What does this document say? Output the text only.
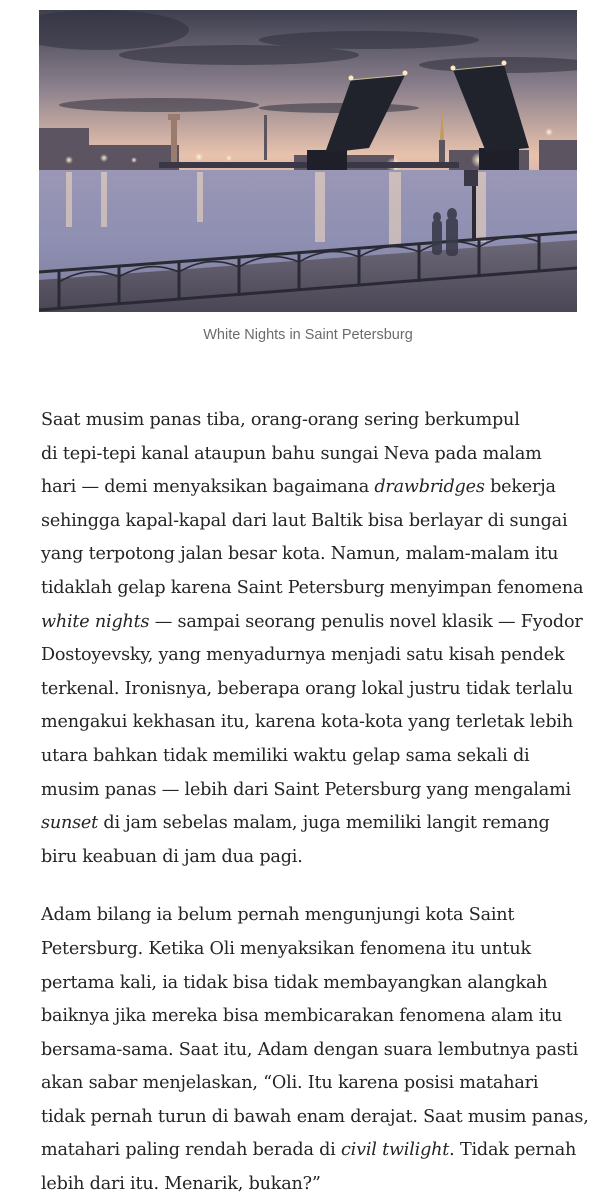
White Nights in Saint Petersburg

Saat musim panas tiba, orang-orang sering berkumpul
di tepi-tepi kanal ataupun bahu sungai Neva pada malam
hari — demi menyaksikan bagaimana drawbridges bekerja
sehingga kapal-kapal dari laut Baltik bisa berlayar di sungai
yang terpotong jalan besar kota. Namun, malam-malam itu
tidaklah gelap karena Saint Petersburg menyimpan fenomena
white nights — sampai seorang penulis novel klasik — Fyodor
Dostoyevsky, yang menyadurnya menjadi satu kisah pendek
terkenal. Ironisnya, beberapa orang lokal justru tidak terlalu
mengakui kekhasan itu, karena kota-kota yang terletak lebih
utara bahkan tidak memiliki waktu gelap sama sekali di
musim panas — lebih dari Saint Petersburg yang mengalami
sunset di jam sebelas malam, juga memiliki langit remang
biru keabuan di jam dua pagi.

Adam bilang ia belum pernah mengunjungi kota Saint
Petersburg. Ketika Oli menyaksikan fenomena itu untuk
pertama kali, ia tidak bisa tidak membayangkan alangkah
baiknya jika mereka bisa membicarakan fenomena alam itu
bersama-sama. Saat itu, Adam dengan suara lembutnya pasti
akan sabar menjelaskan, “Oli. Itu karena posisi matahari
tidak pernah turun di bawah enam derajat. Saat musim panas,
matahari paling rendah berada di civil twilight. Tidak pernah
lebih dari itu. Menarik, bukan?”
